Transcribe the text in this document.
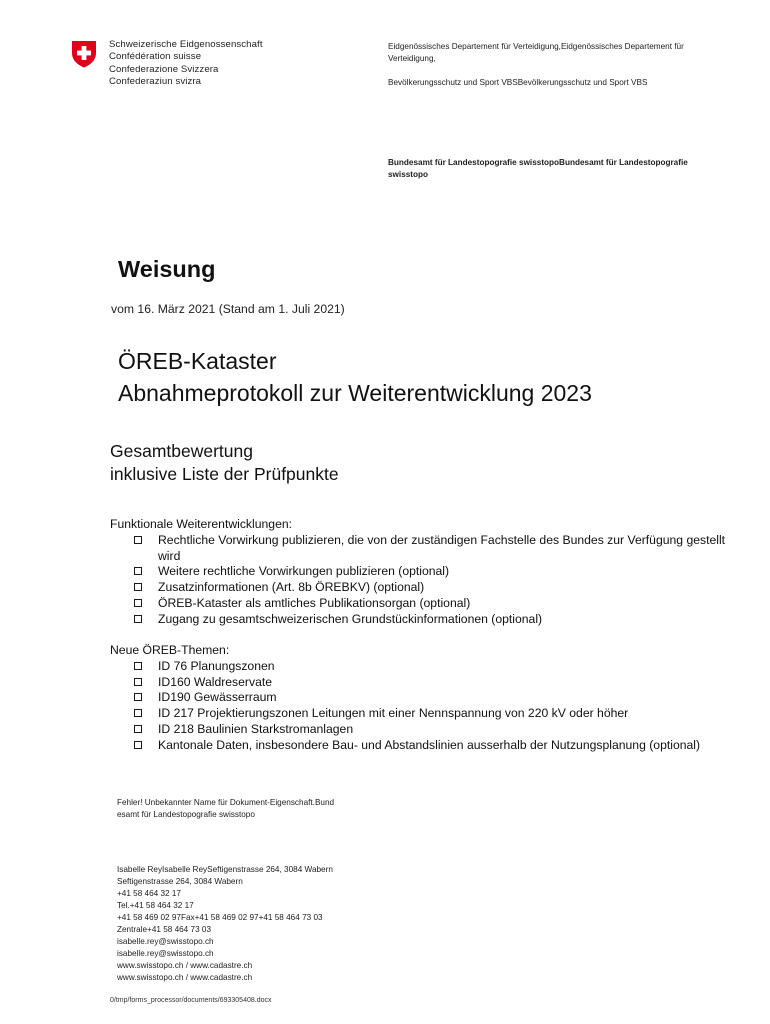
Schweizerische Eidgenossenschaft
Confédération suisse
Confederazione Svizzera
Confederaziun svizra

Eidgenössisches Departement für Verteidigung,Eidgenössisches Departement für Verteidigung,

Bevölkerungsschutz und Sport VBSBevölkerungsschutz und Sport VBS

Bundesamt für Landestopografie swisstopoBundesamt für Landestopografie swisstopo
Weisung
vom 16. März 2021 (Stand am 1. Juli 2021)
ÖREB-Kataster
Abnahmeprotokoll zur Weiterentwicklung 2023
Gesamtbewertung
inklusive Liste der Prüfpunkte
Funktionale Weiterentwicklungen:
Rechtliche Vorwirkung publizieren, die von der zuständigen Fachstelle des Bundes zur Verfügung gestellt wird
Weitere rechtliche Vorwirkungen publizieren (optional)
Zusatzinformationen (Art. 8b ÖREBKV) (optional)
ÖREB-Kataster als amtliches Publikationsorgan (optional)
Zugang zu gesamtschweizerischen Grundstückinformationen (optional)
Neue ÖREB-Themen:
ID 76 Planungszonen
ID160 Waldreservate
ID190 Gewässerraum
ID 217 Projektierungszonen Leitungen mit einer Nennspannung von 220 kV oder höher
ID 218 Baulinien Starkstromanlagen
Kantonale Daten, insbesondere Bau- und Abstandslinien ausserhalb der Nutzungsplanung (optional)
Fehler! Unbekannter Name für Dokument-Eigenschaft.Bund
esamt für Landestopografie swisstopo
Isabelle ReyIsabelle ReySeftigenstrasse 264, 3084 Wabern
Seftigenstrasse 264, 3084 Wabern
+41 58 464 32 17
Tel.+41 58 464 32 17
+41 58 469 02 97Fax+41 58 469 02 97+41 58 464 73 03
Zentrale+41 58 464 73 03
isabelle.rey@swisstopo.ch
isabelle.rey@swisstopo.ch
www.swisstopo.ch / www.cadastre.ch
www.swisstopo.ch / www.cadastre.ch
0/tmp/forms_processor/documents/693305408.docx
